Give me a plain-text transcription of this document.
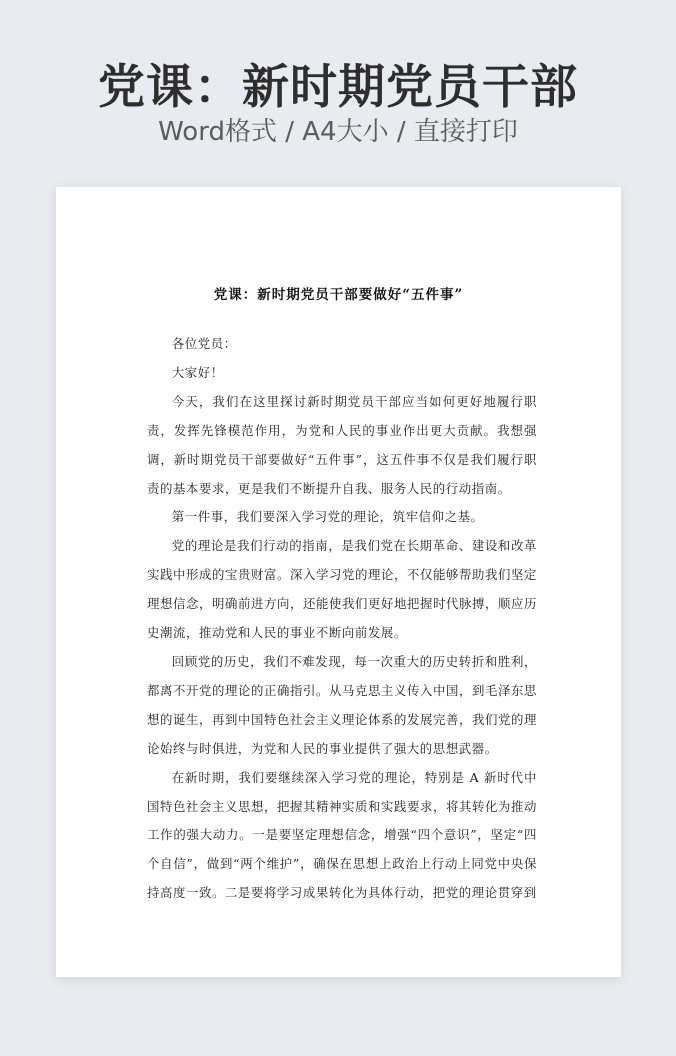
党课：新时期党员干部
Word格式 / A4大小 / 直接打印
党课：新时期党员干部要做好“五件事”

各位党员：

大家好！

今天，我们在这里探讨新时期党员干部应当如何更好地履行职责，发挥先锋模范作用，为党和人民的事业作出更大贡献。我想强调，新时期党员干部要做好“五件事”，这五件事不仅是我们履行职责的基本要求，更是我们不断提升自我、服务人民的行动指南。

第一件事，我们要深入学习党的理论，筑牢信仰之基。

党的理论是我们行动的指南，是我们党在长期革命、建设和改革实践中形成的宝贵财富。深入学习党的理论，不仅能够帮助我们坚定理想信念，明确前进方向，还能使我们更好地把握时代脉搏，顺应历史潮流，推动党和人民的事业不断向前发展。

回顾党的历史，我们不难发现，每一次重大的历史转折和胜利，都离不开党的理论的正确指引。从马克思主义传入中国，到毛泽东思想的诞生，再到中国特色社会主义理论体系的发展完善，我们党的理论始终与时俱进，为党和人民的事业提供了强大的思想武器。

在新时期，我们要继续深入学习党的理论，特别是 A 新时代中国特色社会主义思想，把握其精神实质和实践要求，将其转化为推动工作的强大动力。一是要坚定理想信念，增强“四个意识”，坚定“四个自信”，做到“两个维护”，确保在思想上政治上行动上同党中央保持高度一致。二是要将学习成果转化为具体行动，把党的理论贯穿到
